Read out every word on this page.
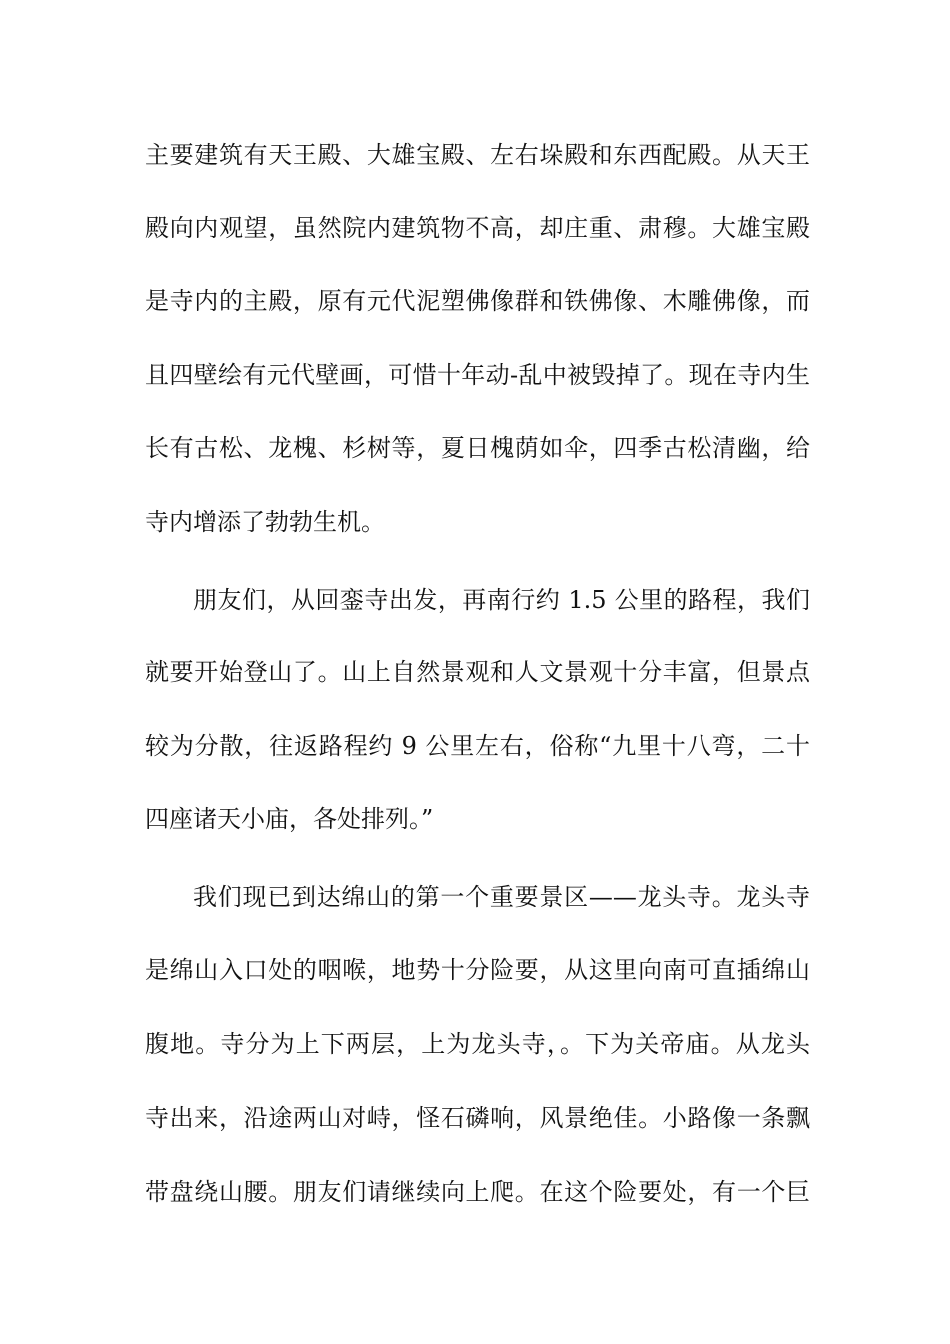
主要建筑有天王殿、大雄宝殿、左右垛殿和东西配殿。从天王
殿向内观望，虽然院内建筑物不高，却庄重、肃穆。大雄宝殿
是寺内的主殿，原有元代泥塑佛像群和铁佛像、木雕佛像，而
且四壁绘有元代壁画，可惜十年动-乱中被毁掉了。现在寺内生
长有古松、龙槐、杉树等，夏日槐荫如伞，四季古松清幽，给
寺内增添了勃勃生机。
朋友们，从回銮寺出发，再南行约 1.5 公里的路程，我们
就要开始登山了。山上自然景观和人文景观十分丰富，但景点
较为分散，往返路程约 9 公里左右，俗称“九里十八弯，二十
四座诸天小庙，各处排列。”
我们现已到达绵山的第一个重要景区——龙头寺。龙头寺
是绵山入口处的咽喉，地势十分险要，从这里向南可直插绵山
腹地。寺分为上下两层，上为龙头寺，。下为关帝庙。从龙头
寺出来，沿途两山对峙，怪石磷响，风景绝佳。小路像一条飘
带盘绕山腰。朋友们请继续向上爬。在这个险要处，有一个巨
